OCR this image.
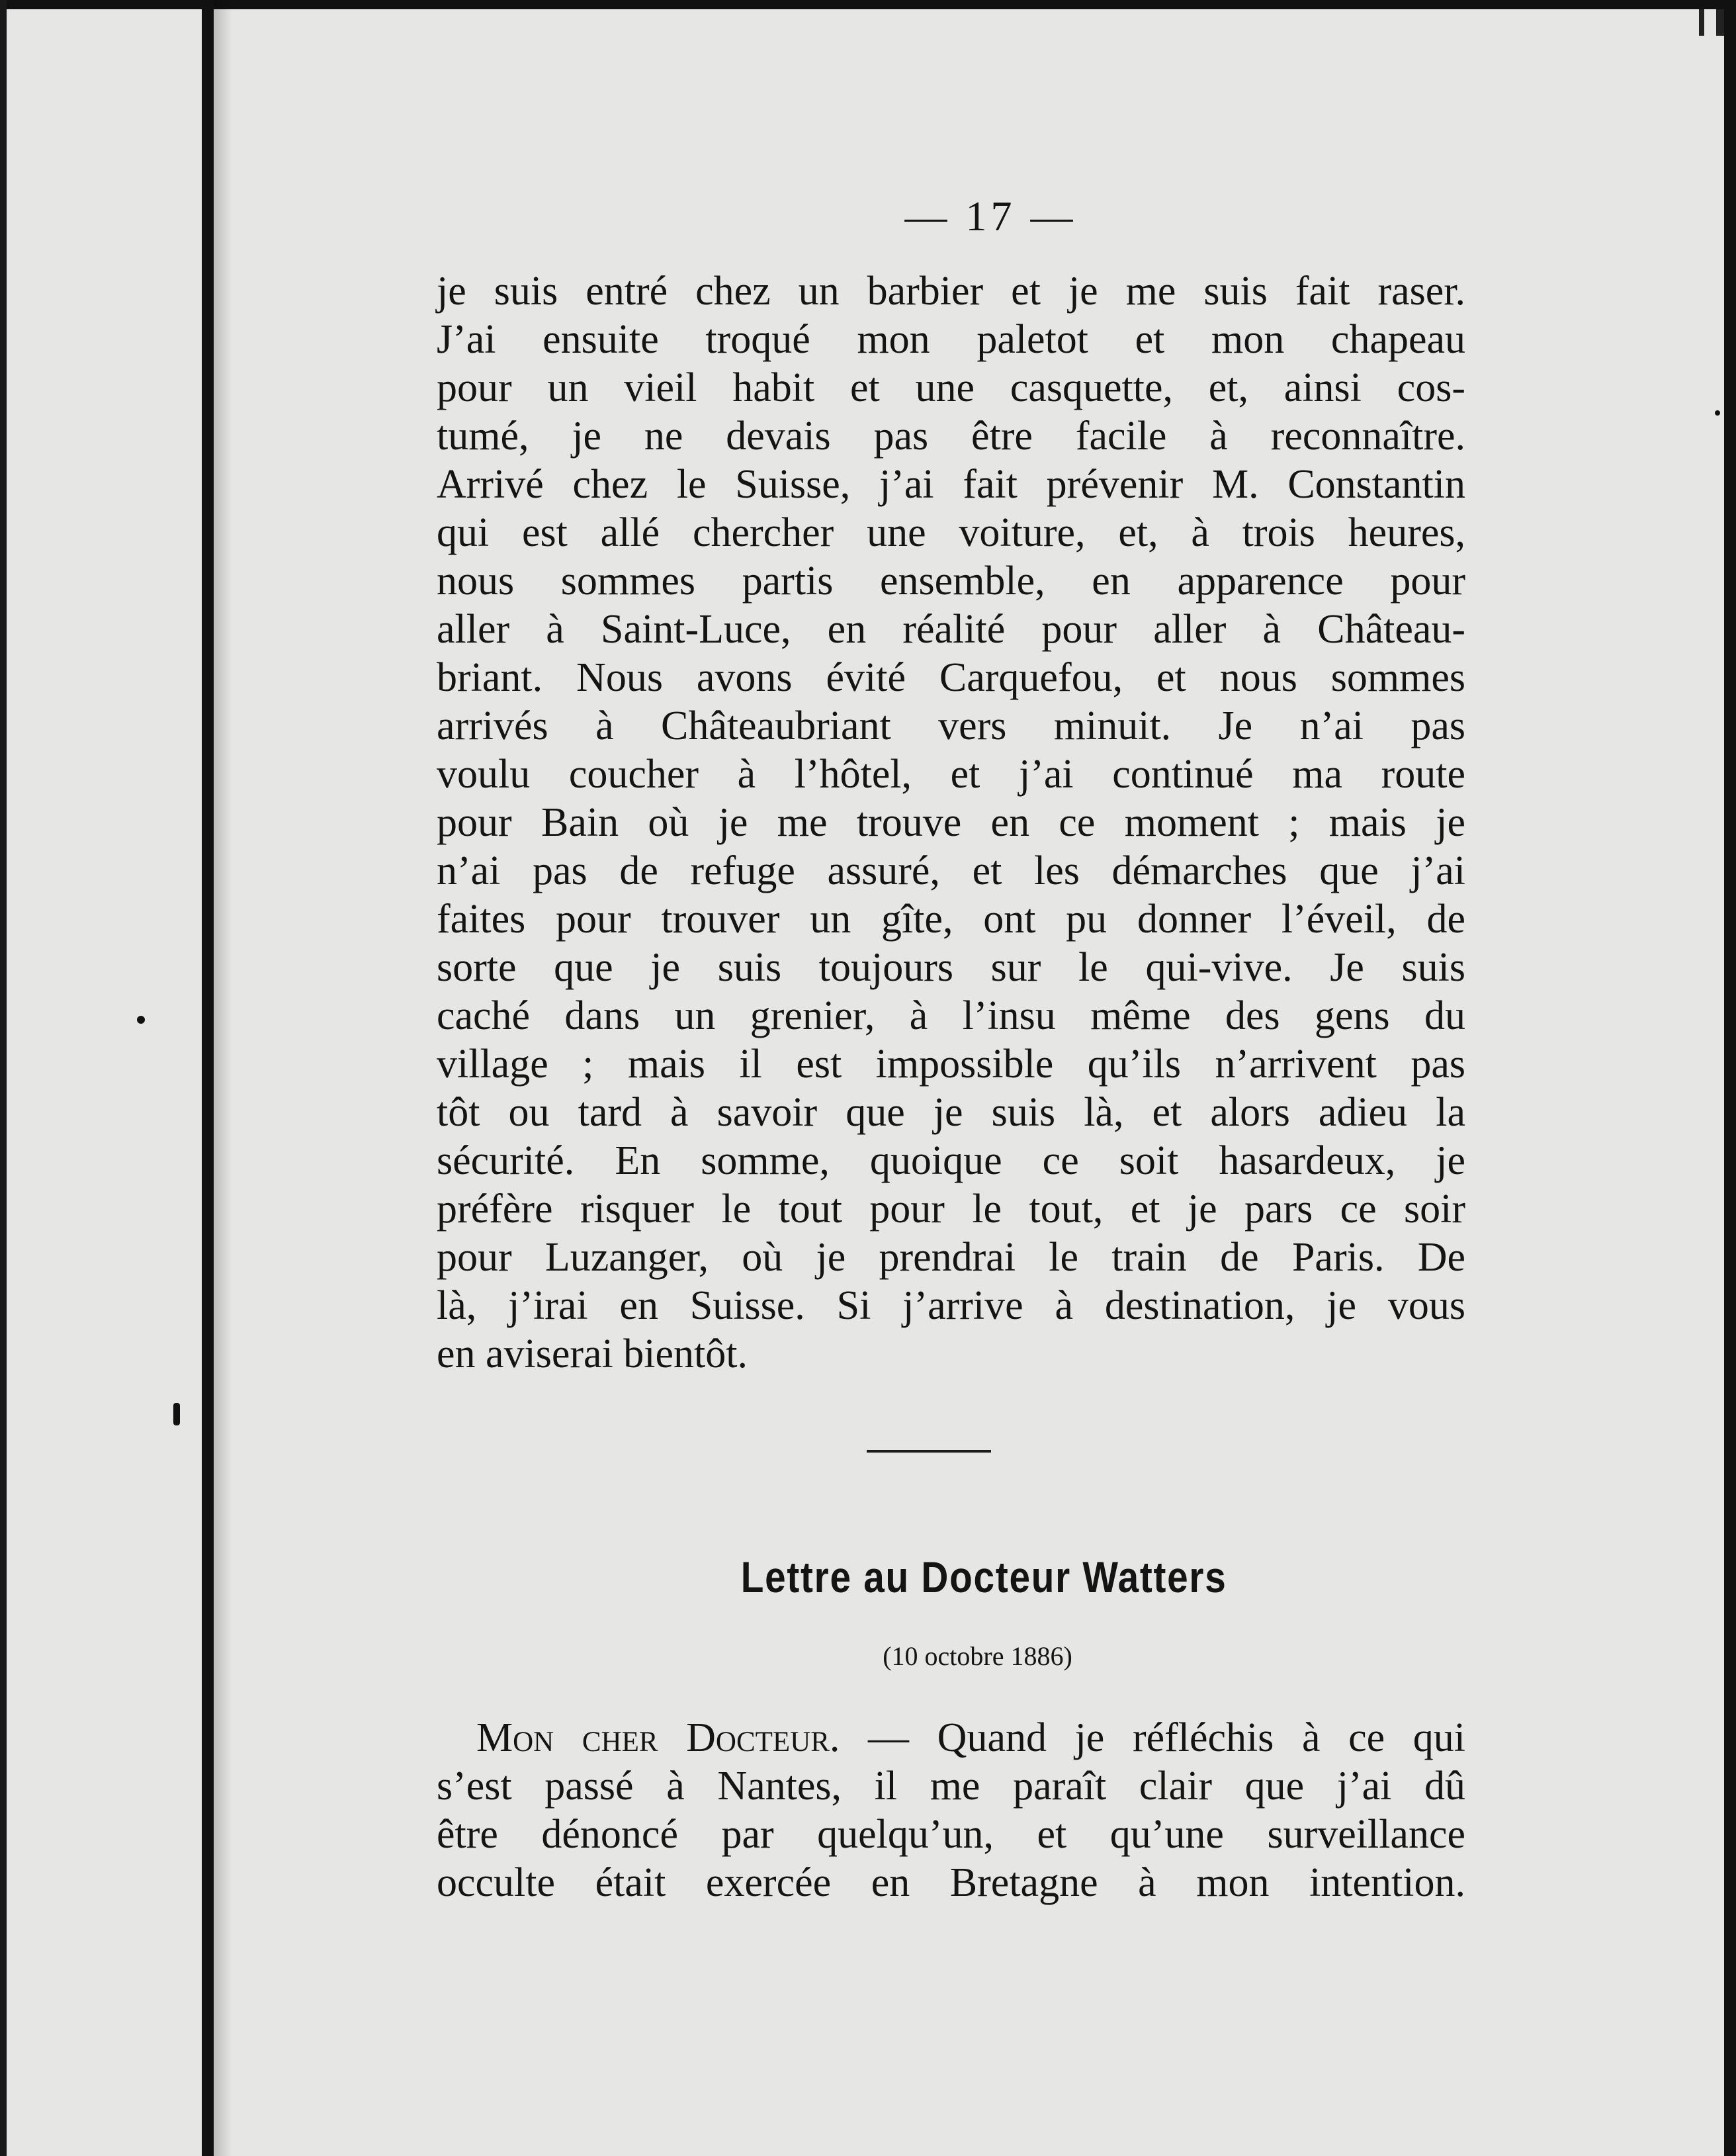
— 17 —
je suis entré chez un barbier et je me suis fait raser.
J’ai ensuite troqué mon paletot et mon chapeau
pour un vieil habit et une casquette, et, ainsi cos-
tumé, je ne devais pas être facile à reconnaître.
Arrivé chez le Suisse, j’ai fait prévenir M. Constantin
qui est allé chercher une voiture, et, à trois heures,
nous sommes partis ensemble, en apparence pour
aller à Saint-Luce, en réalité pour aller à Château-
briant. Nous avons évité Carquefou, et nous sommes
arrivés à Châteaubriant vers minuit. Je n’ai pas
voulu coucher à l’hôtel, et j’ai continué ma route
pour Bain où je me trouve en ce moment ; mais je
n’ai pas de refuge assuré, et les démarches que j’ai
faites pour trouver un gîte, ont pu donner l’éveil, de
sorte que je suis toujours sur le qui-vive. Je suis
caché dans un grenier, à l’insu même des gens du
village ; mais il est impossible qu’ils n’arrivent pas
tôt ou tard à savoir que je suis là, et alors adieu la
sécurité. En somme, quoique ce soit hasardeux, je
préfère risquer le tout pour le tout, et je pars ce soir
pour Luzanger, où je prendrai le train de Paris. De
là, j’irai en Suisse. Si j’arrive à destination, je vous
en aviserai bientôt.
Lettre au Docteur Watters
(10 octobre 1886)
Mon cher Docteur. — Quand je réfléchis à ce qui
s’est passé à Nantes, il me paraît clair que j’ai dû
être dénoncé par quelqu’un, et qu’une surveillance
occulte était exercée en Bretagne à mon intention.
